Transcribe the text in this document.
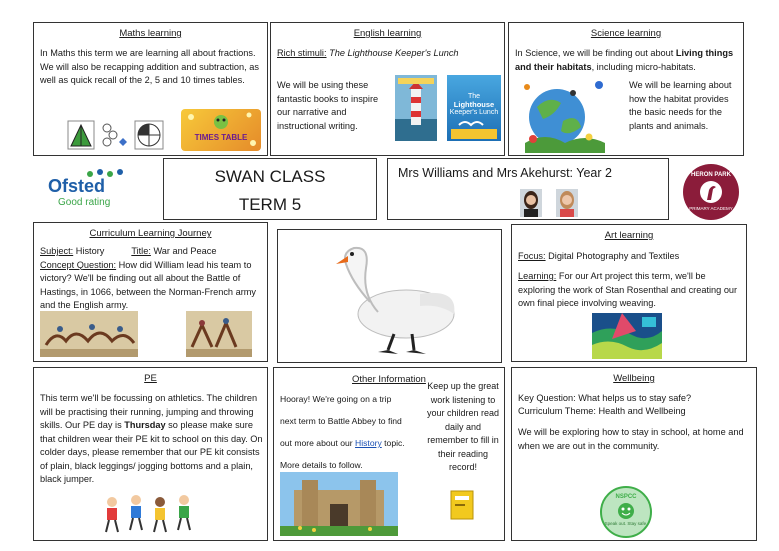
Maths learning
In Maths this term we are learning all about fractions. We will also be recapping addition and subtraction, as well as quick recall of the 2, 5 and 10 times tables.
TIMES TABLE
English learning
Rich stimuli: The Lighthouse Keeper's Lunch
We will be using these fantastic books to inspire our narrative and instructional writing.
The
Lighthouse
Keeper's Lunch
Science learning
In Science, we will be finding out about Living things and their habitats, including micro-habitats.
We will be learning about how the habitat provides the basic needs for the plants and animals.
Ofsted
Good rating
SWAN CLASS
TERM 5
Mrs Williams and Mrs Akehurst: Year 2	HERON PARK
PRIMARY ACADEMY
Curriculum Learning Journey
Subject: History	Title: War and Peace
Concept Question: How did William lead his team to victory? We'll be finding out all about the Battle of Hastings, in 1066, between the Norman-French army and the English army.
Art learning
Focus: Digital Photography and Textiles
Learning: For our Art project this term, we'll be exploring the work of Stan Rosenthal and creating our own final piece involving weaving.
PE
This term we'll be focussing on athletics. The children will be practising their running, jumping and throwing skills. Our PE day is Thursday so please make sure that children wear their PE kit to school on this day. On colder days, please remember that our PE kit consists of plain, black leggings/ jogging bottoms and a plain, black jumper.
Other Information
Hooray! We're going on a trip next term to Battle Abbey to find out more about our History topic. More details to follow.
Keep up the great work listening to your children read daily and remember to fill in their reading record!
Wellbeing
Key Question: What helps us to stay safe?
Curriculum Theme: Health and Wellbeing
We will be exploring how to stay in school, at home and when we are out in the community.
NSPCC
Speak out. Stay safe.
